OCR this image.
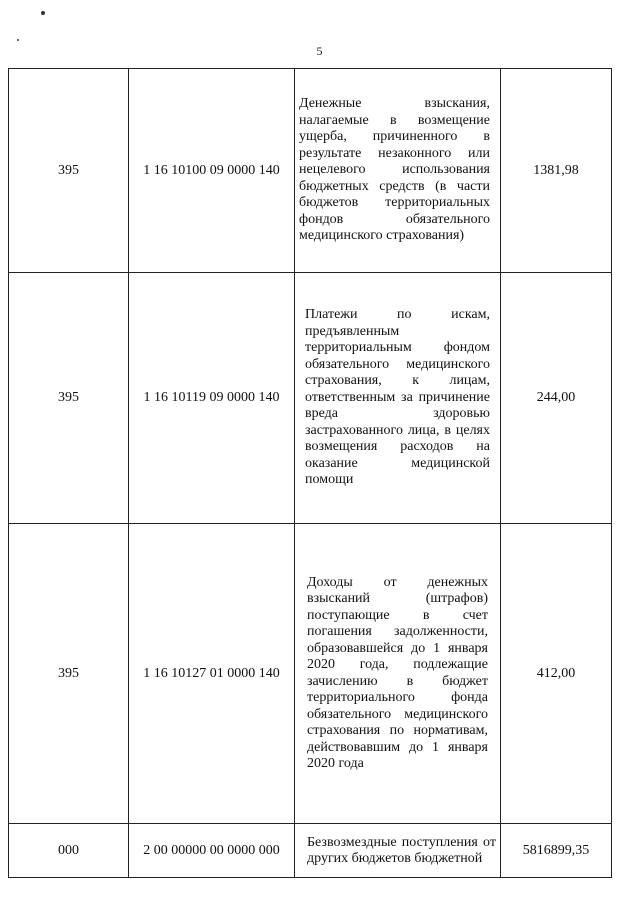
5
395	1 16 10100 09 0000 140	Денежные взыскания, налагаемые в возмещение ущерба, причиненного в результате незаконного или нецелевого использования бюджетных средств (в части бюджетов территориальных фондов обязательного медицинского страхования)	1381,98
395	1 16 10119 09 0000 140	Платежи по искам, предъявленным территориальным фондом обязательного медицинского страхования, к лицам, ответственным за причинение вреда здоровью застрахованного лица, в целях возмещения расходов на оказание медицинской помощи	244,00
395	1 16 10127 01 0000 140	Доходы от денежных взысканий (штрафов) поступающие в счет погашения задолженности, образовавшейся до 1 января 2020 года, подлежащие зачислению в бюджет территориального фонда обязательного медицинского страхования по нормативам, действовавшим до 1 января 2020 года	412,00
000	2 00 00000 00 0000 000	Безвозмездные поступления от других бюджетов бюджетной	5816899,35
